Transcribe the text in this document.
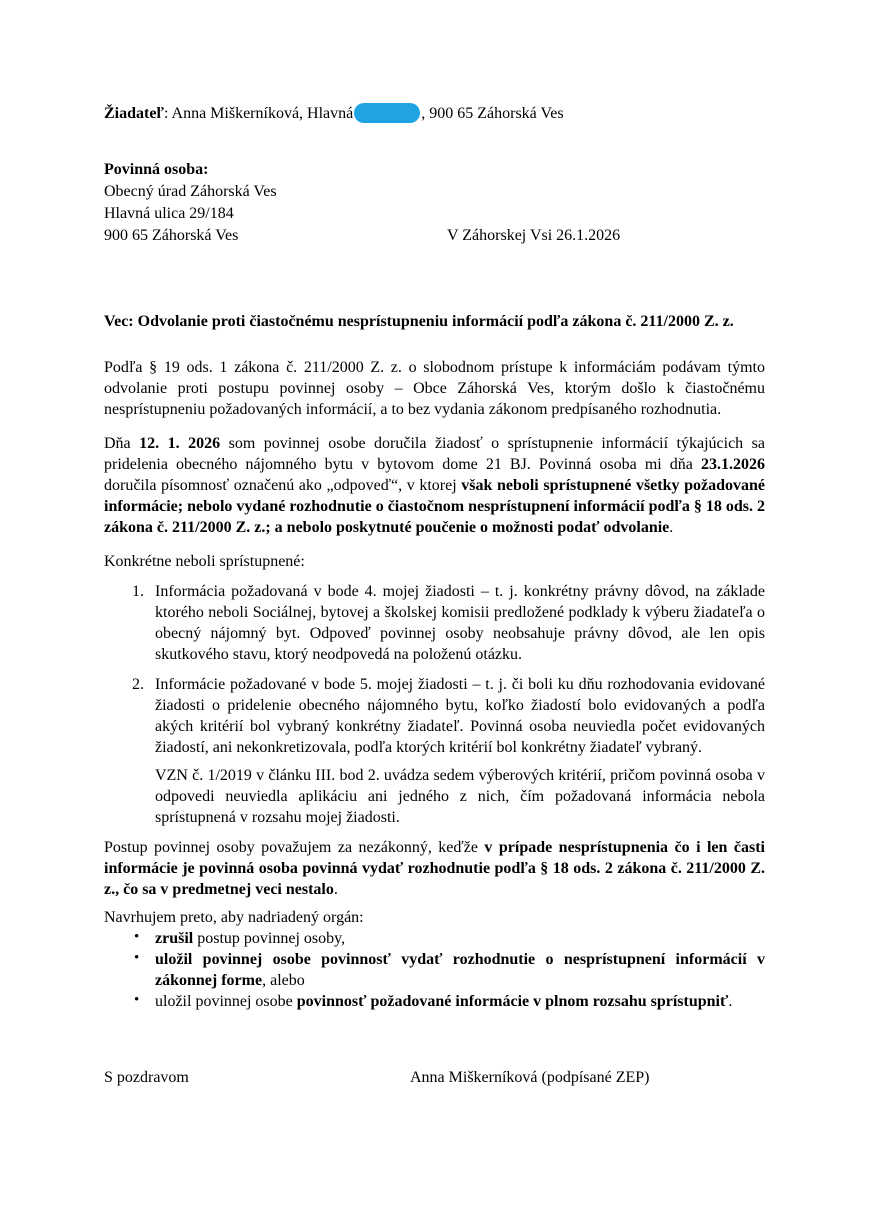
Žiadateľ: Anna Miškerníková, Hlavná	, 900 65 Záhorská Ves

Povinná osoba:

Obecný úrad Záhorská Ves

Hlavná ulica 29/184

900 65 Záhorská Ves	V Záhorskej Vsi 26.1.2026

Vec: Odvolanie proti čiastočnému nesprístupneniu informácií podľa zákona č. 211/2000 Z. z.

Podľa § 19 ods. 1 zákona č. 211/2000 Z. z. o slobodnom prístupe k informáciám podávam týmto odvolanie proti postupu povinnej osoby – Obce Záhorská Ves, ktorým došlo k čiastočnému nesprístupneniu požadovaných informácií, a to bez vydania zákonom predpísaného rozhodnutia.

Dňa 12. 1. 2026 som povinnej osobe doručila žiadosť o sprístupnenie informácií týkajúcich sa pridelenia obecného nájomného bytu v bytovom dome 21 BJ. Povinná osoba mi dňa 23.1.2026 doručila písomnosť označenú ako „odpoveď“, v ktorej však neboli sprístupnené všetky požadované informácie; nebolo vydané rozhodnutie o čiastočnom nesprístupnení informácií podľa § 18 ods. 2 zákona č. 211/2000 Z. z.; a nebolo poskytnuté poučenie o možnosti podať odvolanie.

Konkrétne neboli sprístupnené:

1. Informácia požadovaná v bode 4. mojej žiadosti – t. j. konkrétny právny dôvod, na základe ktorého neboli Sociálnej, bytovej a školskej komisii predložené podklady k výberu žiadateľa o obecný nájomný byt. Odpoveď povinnej osoby neobsahuje právny dôvod, ale len opis skutkového stavu, ktorý neodpovedá na položenú otázku.
2. Informácie požadované v bode 5. mojej žiadosti – t. j. či boli ku dňu rozhodovania evidované žiadosti o pridelenie obecného nájomného bytu, koľko žiadostí bolo evidovaných a podľa akých kritérií bol vybraný konkrétny žiadateľ. Povinná osoba neuviedla počet evidovaných žiadostí, ani nekonkretizovala, podľa ktorých kritérií bol konkrétny žiadateľ vybraný.

VZN č. 1/2019 v článku III. bod 2. uvádza sedem výberových kritérií, pričom povinná osoba v odpovedi neuviedla aplikáciu ani jedného z nich, čím požadovaná informácia nebola sprístupnená v rozsahu mojej žiadosti.

Postup povinnej osoby považujem za nezákonný, keďže v prípade nesprístupnenia čo i len časti informácie je povinná osoba povinná vydať rozhodnutie podľa § 18 ods. 2 zákona č. 211/2000 Z. z., čo sa v predmetnej veci nestalo.

Navrhujem preto, aby nadriadený orgán:

• zrušil postup povinnej osoby,
• uložil povinnej osobe povinnosť vydať rozhodnutie o nesprístupnení informácií v zákonnej forme, alebo
• uložil povinnej osobe povinnosť požadované informácie v plnom rozsahu sprístupniť.
S pozdravom	Anna Miškerníková (podpísané ZEP)
